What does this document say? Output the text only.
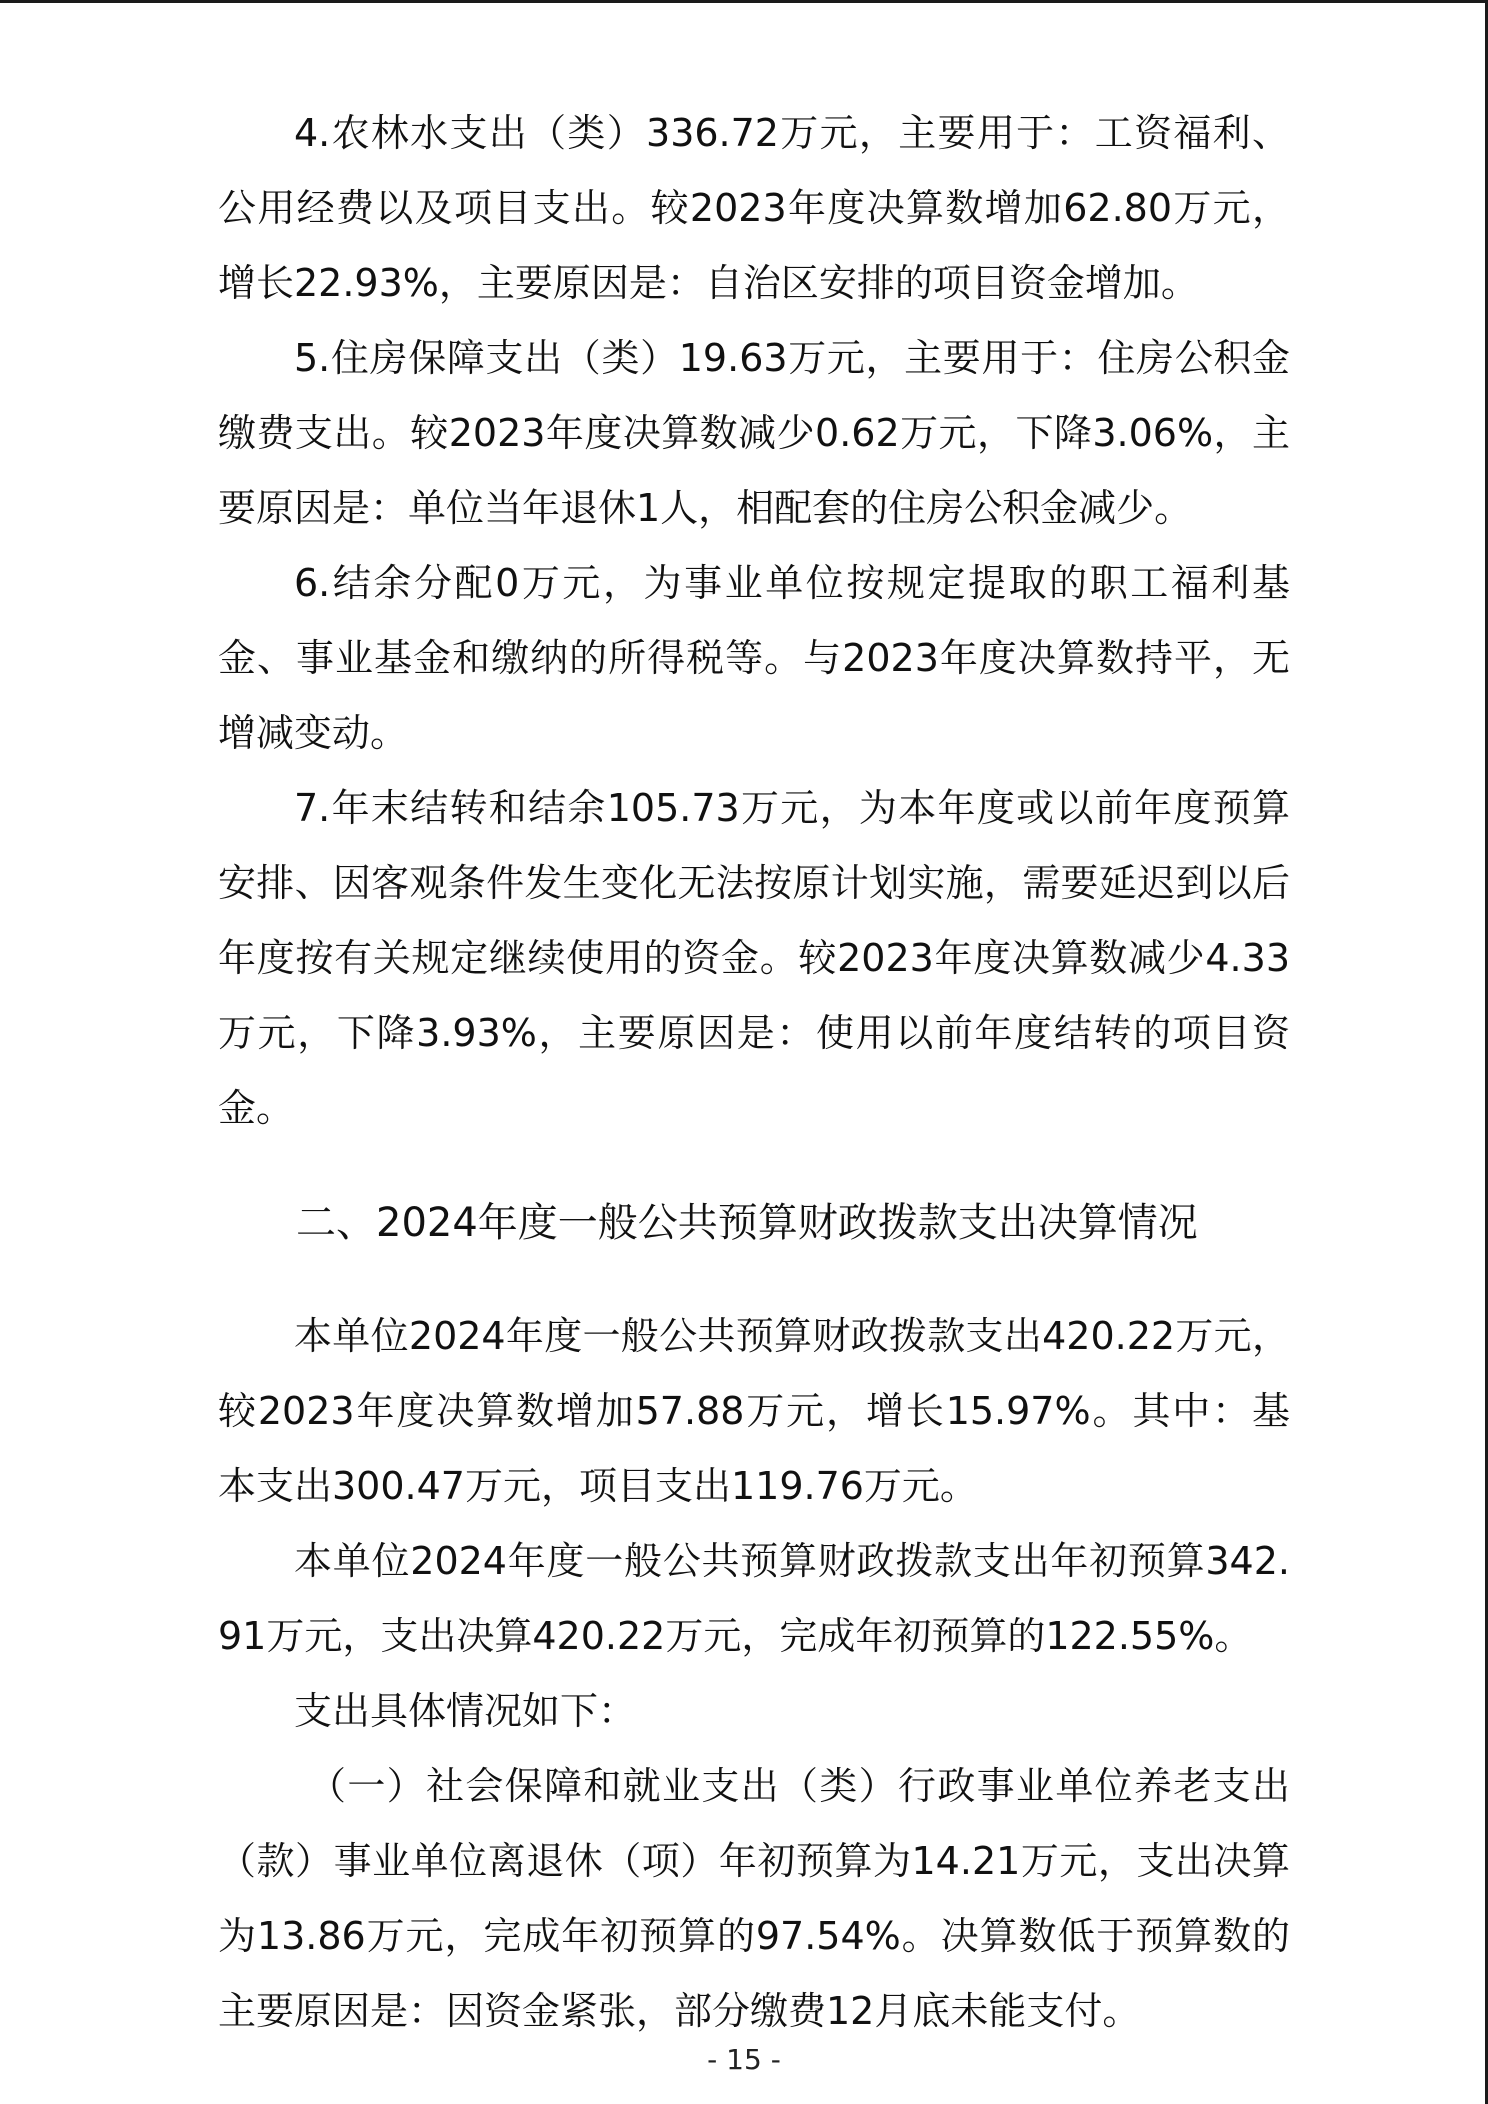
4.农林水支出（类）336.72万元，主要用于：工资福利、公用经费以及项目支出。较2023年度决算数增加62.80万元，增长22.93%，主要原因是：自治区安排的项目资金增加。

5.住房保障支出（类）19.63万元，主要用于：住房公积金缴费支出。较2023年度决算数减少0.62万元，下降3.06%，主要原因是：单位当年退休1人，相配套的住房公积金减少。

6.结余分配0万元，为事业单位按规定提取的职工福利基金、事业基金和缴纳的所得税等。与2023年度决算数持平，无增减变动。

7.年末结转和结余105.73万元，为本年度或以前年度预算安排、因客观条件发生变化无法按原计划实施，需要延迟到以后年度按有关规定继续使用的资金。较2023年度决算数减少4.33万元，下降3.93%，主要原因是：使用以前年度结转的项目资金。

二、2024年度一般公共预算财政拨款支出决算情况

本单位2024年度一般公共预算财政拨款支出420.22万元，较2023年度决算数增加57.88万元，增长15.97%。其中：基本支出300.47万元，项目支出119.76万元。

本单位2024年度一般公共预算财政拨款支出年初预算342.91万元，支出决算420.22万元，完成年初预算的122.55%。

支出具体情况如下：

（一）社会保障和就业支出（类）行政事业单位养老支出（款）事业单位离退休（项）年初预算为14.21万元，支出决算为13.86万元，完成年初预算的97.54%。决算数低于预算数的主要原因是：因资金紧张，部分缴费12月底未能支付。

- 15 -
